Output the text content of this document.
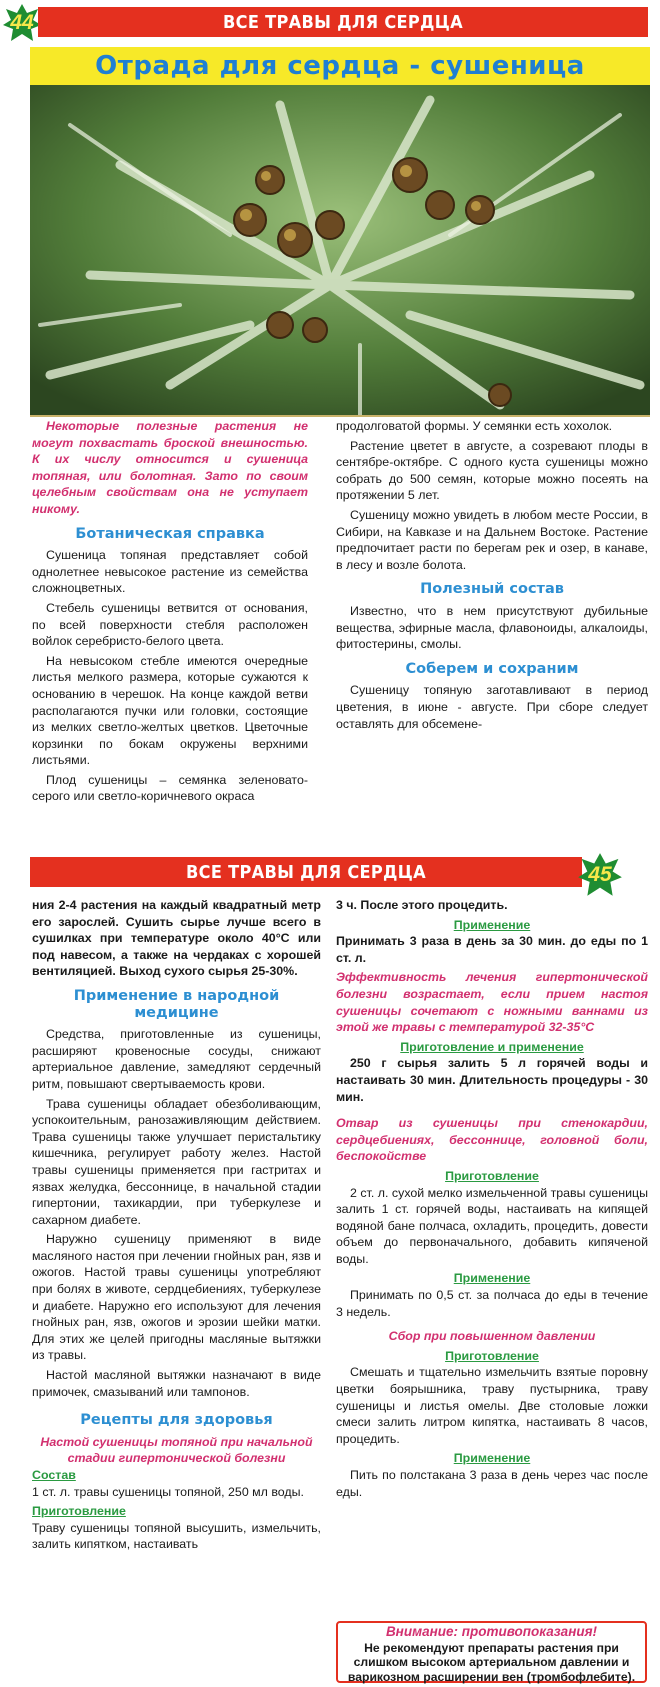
44	ВСЕ ТРАВЫ ДЛЯ СЕРДЦА
Отрада для сердца - сушеница

Некоторые полезные растения не могут похвастать броской внешностью. К их числу относится и сушеница топяная, или болотная. Зато по своим целебным свойствам она не уступает никому.

Ботаническая справка

Сушеница топяная представляет собой однолетнее невысокое растение из семейства сложноцветных.

Стебель сушеницы ветвится от основания, по всей поверхности стебля расположен войлок серебристо-белого цвета.

На невысоком стебле имеются очередные листья мелкого размера, которые сужаются к основанию в черешок. На конце каждой ветви располагаются пучки или головки, состоящие из мелких светло-желтых цветков. Цветочные корзинки по бокам окружены верхними листьями.

Плод сушеницы – семянка зеленовато-серого или светло-коричневого окраса

продолговатой формы. У семянки есть хохолок.

Растение цветет в августе, а созревают плоды в сентябре-октябре. С одного куста сушеницы можно собрать до 500 семян, которые можно посеять на протяжении 5 лет.

Сушеницу можно увидеть в любом месте России, в Сибири, на Кавказе и на Дальнем Востоке. Растение предпочитает расти по берегам рек и озер, в канаве, в лесу и возле болота.

Полезный состав

Известно, что в нем присутствуют дубильные вещества, эфирные масла, флавоноиды, алкалоиды, фитостерины, смолы.

Соберем и сохраним

Сушеницу топяную заготавливают в период цветения, в июне - августе. При сборе следует оставлять для обсемене-

ВСЕ ТРАВЫ ДЛЯ СЕРДЦА	45

ния 2-4 растения на каждый квадратный метр его зарослей. Сушить сырье лучше всего в сушилках при температуре около 40°С или под навесом, а также на чердаках с хорошей вентиляцией. Выход сухого сырья 25-30%.

Применение в народной медицине

Средства, приготовленные из сушеницы, расширяют кровеносные сосуды, снижают артериальное давление, замедляют сердечный ритм, повышают свертываемость крови.

Трава сушеницы обладает обезболивающим, успокоительным, ранозаживляющим действием. Трава сушеницы также улучшает перистальтику кишечника, регулирует работу желез. Настой травы сушеницы применяется при гастритах и язвах желудка, бессоннице, в начальной стадии гипертонии, тахикардии, при туберкулезе и сахарном диабете.

Наружно сушеницу применяют в виде масляного настоя при лечении гнойных ран, язв и ожогов. Настой травы сушеницы употребляют при болях в животе, сердцебиениях, туберкулезе и диабете. Наружно его используют для лечения гнойных ран, язв, ожогов и эрозии шейки матки. Для этих же целей пригодны масляные вытяжки из травы.

Настой масляной вытяжки назначают в виде примочек, смазываний или тампонов.

Рецепты для здоровья
Настой сушеницы топяной при начальной стадии гипертонической болезни
Состав

1 ст. л. травы сушеницы топяной, 250 мл воды.

Приготовление

Траву сушеницы топяной высушить, измельчить, залить кипятком, настаивать

3 ч. После этого процедить.

Применение

Принимать 3 раза в день за 30 мин. до еды по 1 ст. л.

Эффективность лечения гипертонической болезни возрастает, если прием настоя сушеницы сочетают с ножными ваннами из этой же травы с температурой 32-35°С

Приготовление и применение

250 г сырья залить 5 л горячей воды и настаивать 30 мин. Длительность процедуры - 30 мин.

Отвар из сушеницы при стенокардии, сердцебиениях, бессоннице, головной боли, беспокойстве

Приготовление

2 ст. л. сухой мелко измельченной травы сушеницы залить 1 ст. горячей воды, настаивать на кипящей водяной бане полчаса, охладить, процедить, довести объем до первоначального, добавить кипяченой воды.

Применение

Принимать по 0,5 ст. за полчаса до еды в течение 3 недель.

Сбор при повышенном давлении

Приготовление

Смешать и тщательно измельчить взятые поровну цветки боярышника, траву пустырника, траву сушеницы и листья омелы. Две столовые ложки смеси залить литром кипятка, настаивать 8 часов, процедить.

Применение

Пить по полстакана 3 раза в день через час после еды.

Внимание: противопоказания!
Не рекомендуют препараты растения при слишком высоком артериальном давлении и варикозном расширении вен (тромбофлебите).
